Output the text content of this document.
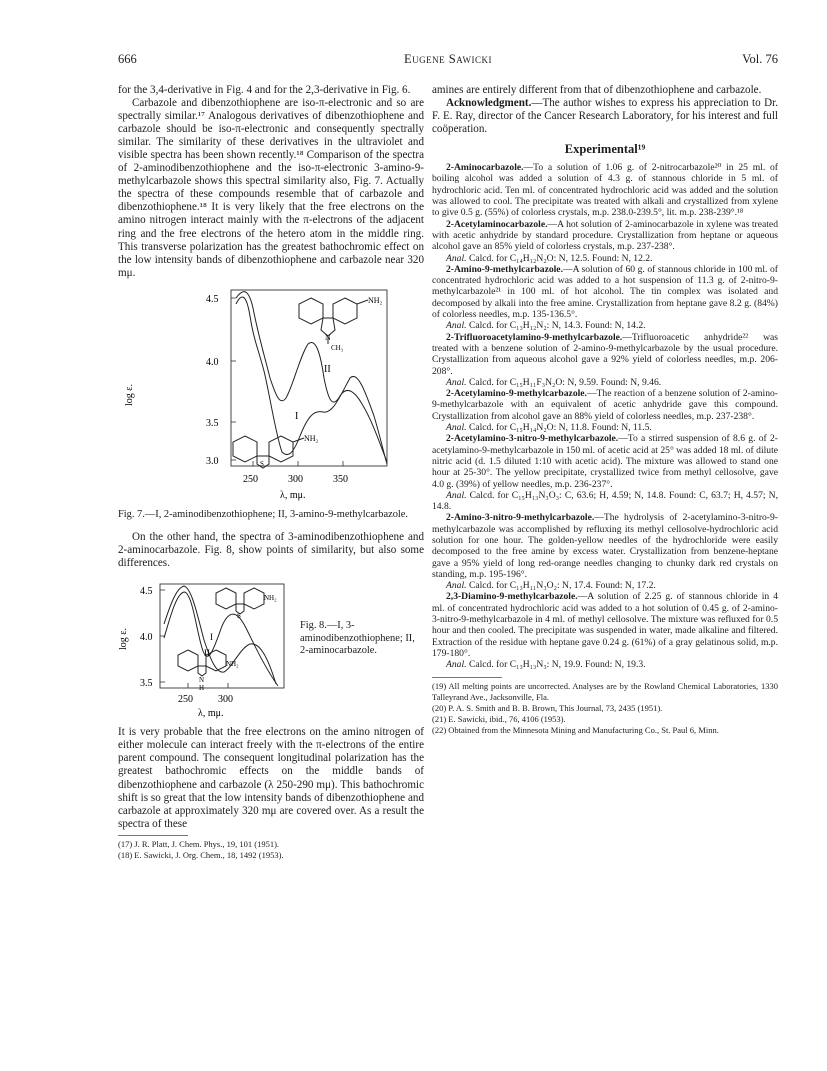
666	Eugene Sawicki	Vol. 76

for the 3,4-derivative in Fig. 4 and for the 2,3-derivative in Fig. 6.

Carbazole and dibenzothiophene are iso-π-electronic and so are spectrally similar.¹⁷ Analogous derivatives of dibenzothiophene and carbazole should be iso-π-electronic and consequently spectrally similar. The similarity of these derivatives in the ultraviolet and visible spectra has been shown recently.¹⁸ Comparison of the spectra of 2-aminodibenzothiophene and the iso-π-electronic 3-amino-9-methylcarbazole shows this spectral similarity also, Fig. 7. Actually the spectra of these compounds resemble that of carbazole and dibenzothiophene.¹⁸ It is very likely that the free electrons on the amino nitrogen interact mainly with the π-electrons of the adjacent ring and the free electrons of the hetero atom in the middle ring. This transverse polarization has the greatest bathochromic effect on the low intensity bands of dibenzothiophene and carbazole near 320 mμ.

log ε.
4.5
4.0
3.5
3.0
250	300	350
λ, mμ.
I
II
NH₂
N
CH₃
S
NH₂

Fig. 7.—I, 2-aminodibenzothiophene; II, 3-amino-9-methylcarbazole.

On the other hand, the spectra of 3-aminodibenzothiophene and 2-aminocarbazole. Fig. 8, show points of similarity, but also some differences.

log ε.
4.5
4.0
3.5
250	300
λ, mμ.
I
II
S
NH₂
NH₂
N
H

Fig. 8.—I, 3-aminodibenzothiophene; II, 2-aminocarbazole.

It is very probable that the free electrons on the amino nitrogen of either molecule can interact freely with the π-electrons of the entire parent compound. The consequent longitudinal polarization has the greatest bathochromic effects on the middle bands of dibenzothiophene and carbazole (λ 250-290 mμ). This bathochromic shift is so great that the low intensity bands of dibenzothiophene and carbazole at approximately 320 mμ are covered over. As a result the spectra of these

(17) J. R. Platt, J. Chem. Phys., 19, 101 (1951).

(18) E. Sawicki, J. Org. Chem., 18, 1492 (1953).

amines are entirely different from that of dibenzothiophene and carbazole.

Acknowledgment.—The author wishes to express his appreciation to Dr. F. E. Ray, director of the Cancer Research Laboratory, for his interest and full coöperation.

Experimental¹⁹

2-Aminocarbazole.—To a solution of 1.06 g. of 2-nitrocarbazole²⁰ in 25 ml. of boiling alcohol was added a solution of 4.3 g. of stannous chloride in 5 ml. of hydrochloric acid. Ten ml. of concentrated hydrochloric acid was added and the solution was allowed to cool. The precipitate was treated with alkali and crystallized from xylene to give 0.5 g. (55%) of colorless crystals, m.p. 238.0-239.5°, lit. m.p. 238-239°.¹⁸

2-Acetylaminocarbazole.—A hot solution of 2-aminocarbazole in xylene was treated with acetic anhydride by standard procedure. Crystallization from heptane or aqueous alcohol gave an 85% yield of colorless crystals, m.p. 237-238°.

Anal. Calcd. for C₁₄H₁₂N₂O: N, 12.5. Found: N, 12.2.

2-Amino-9-methylcarbazole.—A solution of 60 g. of stannous chloride in 100 ml. of concentrated hydrochloric acid was added to a hot suspension of 11.3 g. of 2-nitro-9-methylcarbazole²¹ in 100 ml. of hot alcohol. The tin complex was isolated and decomposed by alkali into the free amine. Crystallization from heptane gave 8.2 g. (84%) of colorless needles, m.p. 135-136.5°.

Anal. Calcd. for C₁₃H₁₂N₂: N, 14.3. Found: N, 14.2.

2-Trifluoroacetylamino-9-methylcarbazole.—Trifluoroacetic anhydride²² was treated with a benzene solution of 2-amino-9-methylcarbazole by the usual procedure. Crystallization from aqueous alcohol gave a 92% yield of colorless needles, m.p. 206-208°.

Anal. Calcd. for C₁₅H₁₁F₃N₂O: N, 9.59. Found: N, 9.46.

2-Acetylamino-9-methylcarbazole.—The reaction of a benzene solution of 2-amino-9-methylcarbazole with an equivalent of acetic anhydride gave this compound. Crystallization from alcohol gave an 88% yield of colorless needles, m.p. 237-238°.

Anal. Calcd. for C₁₅H₁₄N₂O: N, 11.8. Found: N, 11.5.

2-Acetylamino-3-nitro-9-methylcarbazole.—To a stirred suspension of 8.6 g. of 2-acetylamino-9-methylcarbazole in 150 ml. of acetic acid at 25° was added 18 ml. of dilute nitric acid (d. 1.5 diluted 1:10 with acetic acid). The mixture was allowed to stand one hour at 25-30°. The yellow precipitate, crystallized twice from methyl cellosolve, gave 4.0 g. (39%) of yellow needles, m.p. 236-237°.

Anal. Calcd. for C₁₅H₁₃N₃O₃: C, 63.6; H, 4.59; N, 14.8. Found: C, 63.7; H, 4.57; N, 14.8.

2-Amino-3-nitro-9-methylcarbazole.—The hydrolysis of 2-acetylamino-3-nitro-9-methylcarbazole was accomplished by refluxing its methyl cellosolve-hydrochloric acid solution for one hour. The golden-yellow needles of the hydrochloride were easily decomposed to the free amine by excess water. Crystallization from benzene-heptane gave a 95% yield of long red-orange needles changing to chunky dark red crystals on standing, m.p. 195-196°.

Anal. Calcd. for C₁₃H₁₁N₃O₂: N, 17.4. Found: N, 17.2.

2,3-Diamino-9-methylcarbazole.—A solution of 2.25 g. of stannous chloride in 4 ml. of concentrated hydrochloric acid was added to a hot solution of 0.45 g. of 2-amino-3-nitro-9-methylcarbazole in 4 ml. of methyl cellosolve. The mixture was refluxed for 0.5 hour and then cooled. The precipitate was suspended in water, made alkaline and filtered. Extraction of the residue with heptane gave 0.24 g. (61%) of a gray gelatinous solid, m.p. 179-180°.

Anal. Calcd. for C₁₃H₁₃N₃: N, 19.9. Found: N, 19.3.

(19) All melting points are uncorrected. Analyses are by the Rowland Chemical Laboratories, 1330 Talleyrand Ave., Jacksonville, Fla.

(20) P. A. S. Smith and B. B. Brown, This Journal, 73, 2435 (1951).

(21) E. Sawicki, ibid., 76, 4106 (1953).

(22) Obtained from the Minnesota Mining and Manufacturing Co., St. Paul 6, Minn.
